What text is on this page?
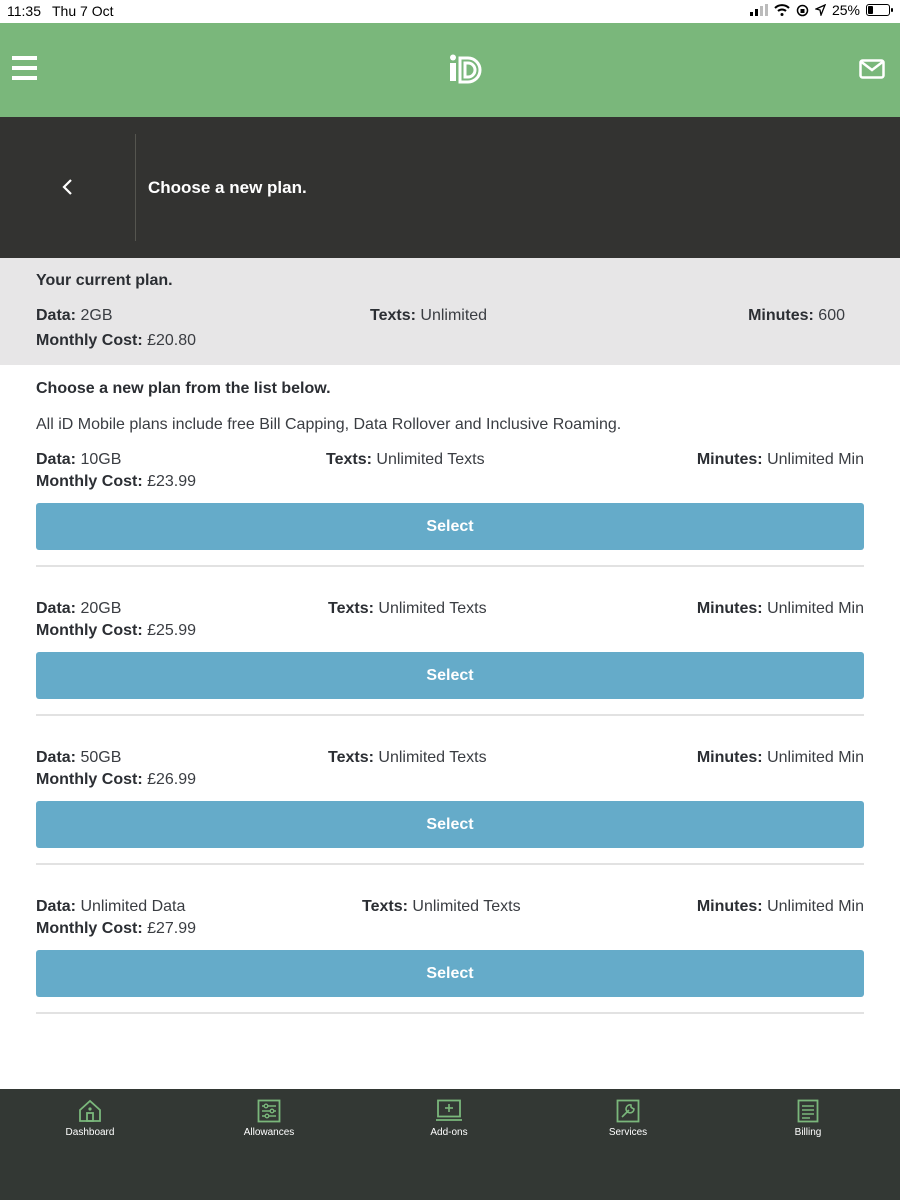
11:35 Thu 7 Oct	25%
Choose a new plan.
Your current plan.
Data: 2GB	Texts: Unlimited	Minutes: 600
Monthly Cost: £20.80
Choose a new plan from the list below.
All iD Mobile plans include free Bill Capping, Data Rollover and Inclusive Roaming.
Data: 10GB	Texts: Unlimited Texts	Minutes: Unlimited Min
Monthly Cost: £23.99
Select
Data: 20GB	Texts: Unlimited Texts	Minutes: Unlimited Min
Monthly Cost: £25.99
Select
Data: 50GB	Texts: Unlimited Texts	Minutes: Unlimited Min
Monthly Cost: £26.99
Select
Data: Unlimited Data	Texts: Unlimited Texts	Minutes: Unlimited Min
Monthly Cost: £27.99
Select
Dashboard	Allowances	Add-ons	Services	Billing
